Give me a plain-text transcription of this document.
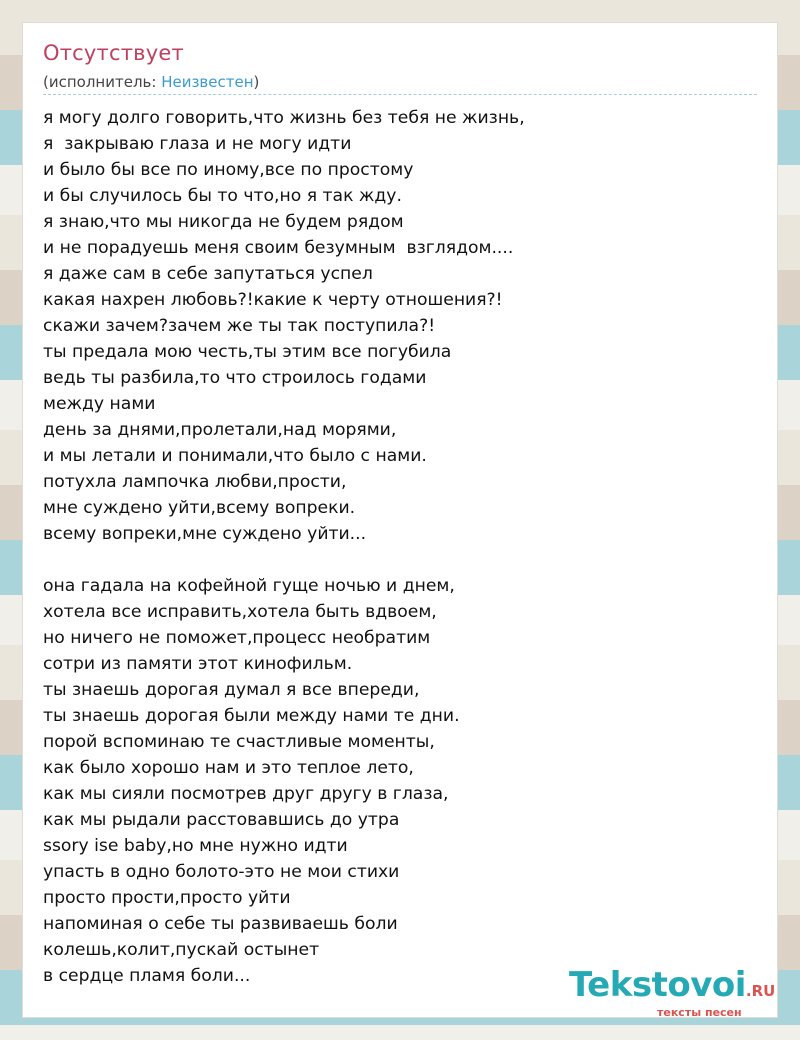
Отсутствует
(исполнитель: Неизвестен)
я могу долго говорить,что жизнь без тебя не жизнь,
я  закрываю глаза и не могу идти
и было бы все по иному,все по простому
и бы случилось бы то что,но я так жду.
я знаю,что мы никогда не будем рядом
и не порадуешь меня своим безумным  взглядом....
я даже сам в себе запутаться успел
какая нахрен любовь?!какие к черту отношения?!
скажи зачем?зачем же ты так поступила?!
ты предала мою честь,ты этим все погубила
ведь ты разбила,то что строилось годами
между нами
день за днями,пролетали,над морями,
и мы летали и понимали,что было с нами.
потухла лампочка любви,прости,
мне суждено уйти,всему вопреки.
всему вопреки,мне суждено уйти...
она гадала на кофейной гуще ночью и днем,
хотела все исправить,хотела быть вдвоем,
но ничего не поможет,процесс необратим
сотри из памяти этот кинофильм.
ты знаешь дорогая думал я все впереди,
ты знаешь дорогая были между нами те дни.
порой вспоминаю те счастливые моменты,
как было хорошо нам и это теплое лето,
как мы сияли посмотрев друг другу в глаза,
как мы рыдали расстовавшись до утра
ssory ise baby,но мне нужно идти
упасть в одно болото-это не мои стихи
просто прости,просто уйти
напоминая о себе ты развиваешь боли
колешь,колит,пускай остынет
в сердце пламя боли...	Tekstovoi.RU
тексты песен
